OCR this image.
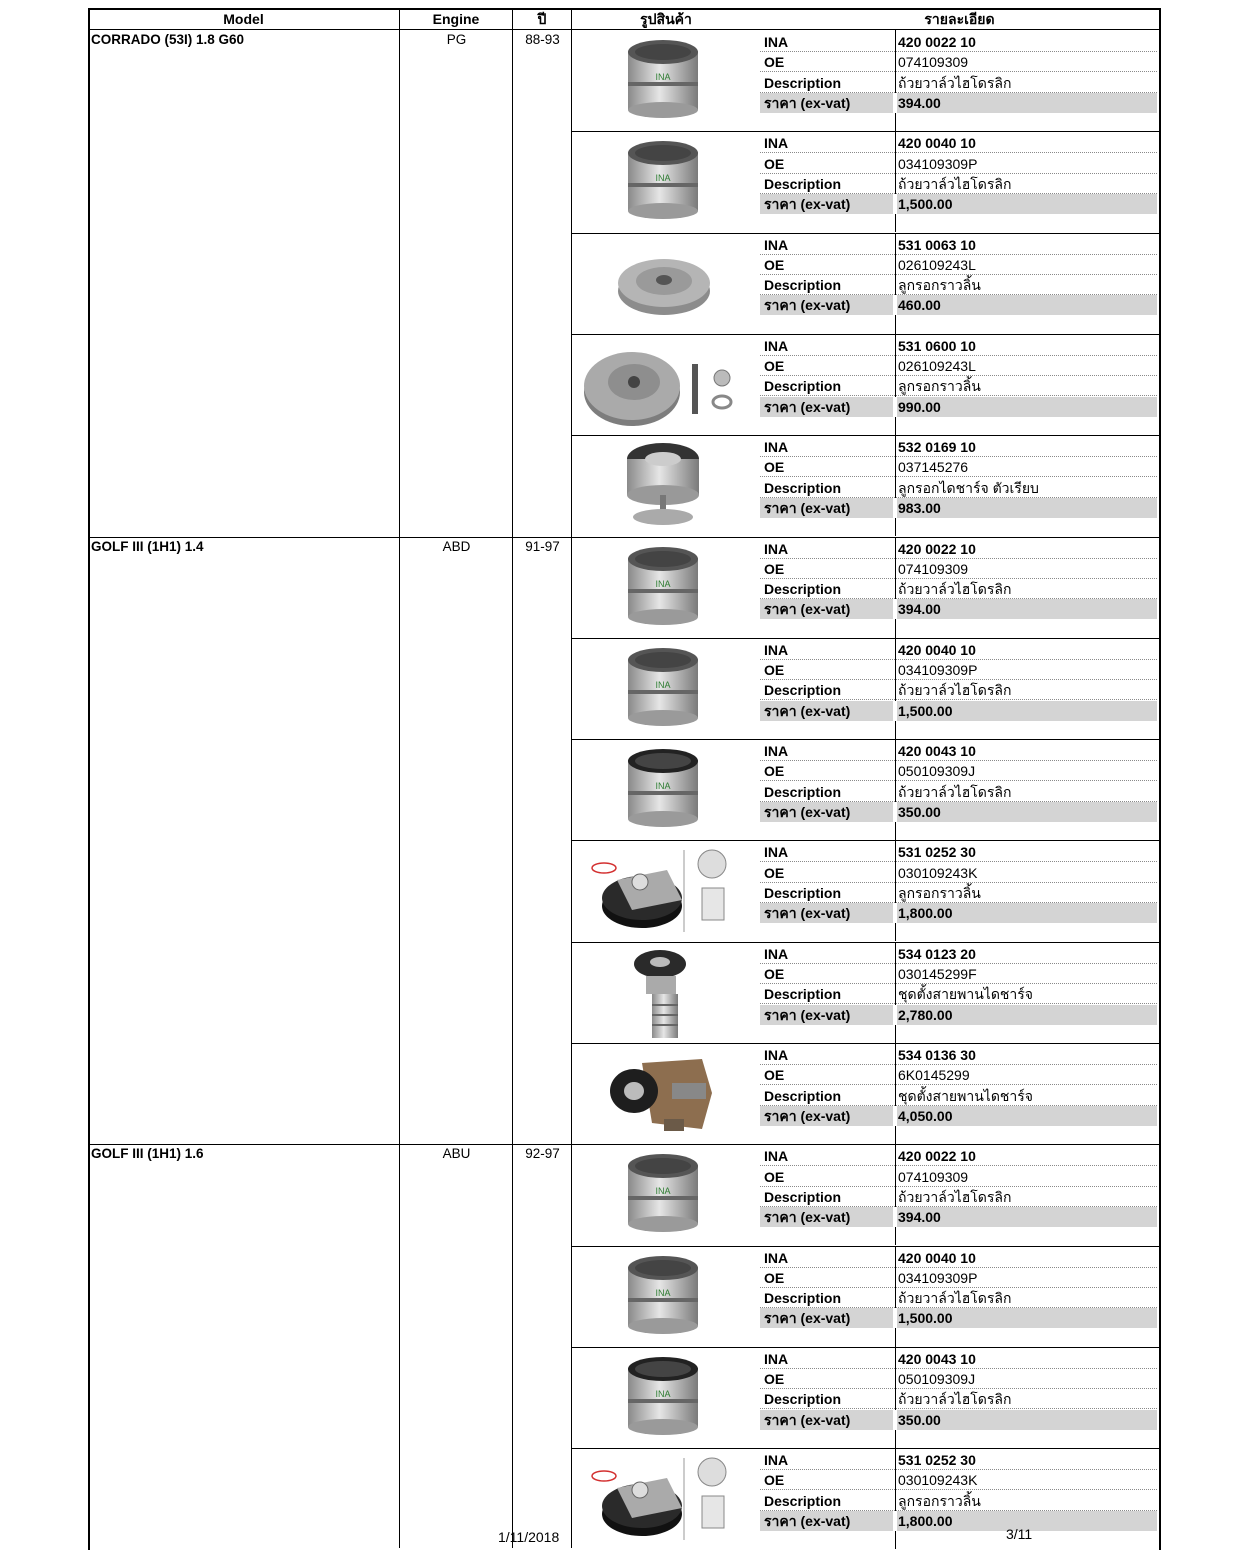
Model	Engine	ปี	รูปสินค้า	รายละเอียด
CORRADO (53I) 1.8 G60	PG	88-93
INA
INA	420 0022 10
OE	074109309
Description	ถ้วยวาล์วไฮโดรลิก
ราคา (ex-vat)	394.00
INA
INA	420 0040 10
OE	034109309P
Description	ถ้วยวาล์วไฮโดรลิก
ราคา (ex-vat)	1,500.00
INA	531 0063 10
OE	026109243L
Description	ลูกรอกราวลิ้น
ราคา (ex-vat)	460.00
INA	531 0600 10
OE	026109243L
Description	ลูกรอกราวลิ้น
ราคา (ex-vat)	990.00
INA	532 0169 10
OE	037145276
Description	ลูกรอกไดชาร์จ ตัวเรียบ
ราคา (ex-vat)	983.00
GOLF III (1H1) 1.4	ABD	91-97
INA
INA	420 0022 10
OE	074109309
Description	ถ้วยวาล์วไฮโดรลิก
ราคา (ex-vat)	394.00
INA
INA	420 0040 10
OE	034109309P
Description	ถ้วยวาล์วไฮโดรลิก
ราคา (ex-vat)	1,500.00
INA
INA	420 0043 10
OE	050109309J
Description	ถ้วยวาล์วไฮโดรลิก
ราคา (ex-vat)	350.00
INA	531 0252 30
OE	030109243K
Description	ลูกรอกราวลิ้น
ราคา (ex-vat)	1,800.00
INA	534 0123 20
OE	030145299F
Description	ชุดตั้งสายพานไดชาร์จ
ราคา (ex-vat)	2,780.00
INA	534 0136 30
OE	6K0145299
Description	ชุดตั้งสายพานไดชาร์จ
ราคา (ex-vat)	4,050.00
GOLF III (1H1) 1.6	ABU	92-97
INA
INA	420 0022 10
OE	074109309
Description	ถ้วยวาล์วไฮโดรลิก
ราคา (ex-vat)	394.00
INA
INA	420 0040 10
OE	034109309P
Description	ถ้วยวาล์วไฮโดรลิก
ราคา (ex-vat)	1,500.00
INA
INA	420 0043 10
OE	050109309J
Description	ถ้วยวาล์วไฮโดรลิก
ราคา (ex-vat)	350.00
INA	531 0252 30
OE	030109243K
Description	ลูกรอกราวลิ้น
ราคา (ex-vat)	1,800.00
1/11/2018	3/11
